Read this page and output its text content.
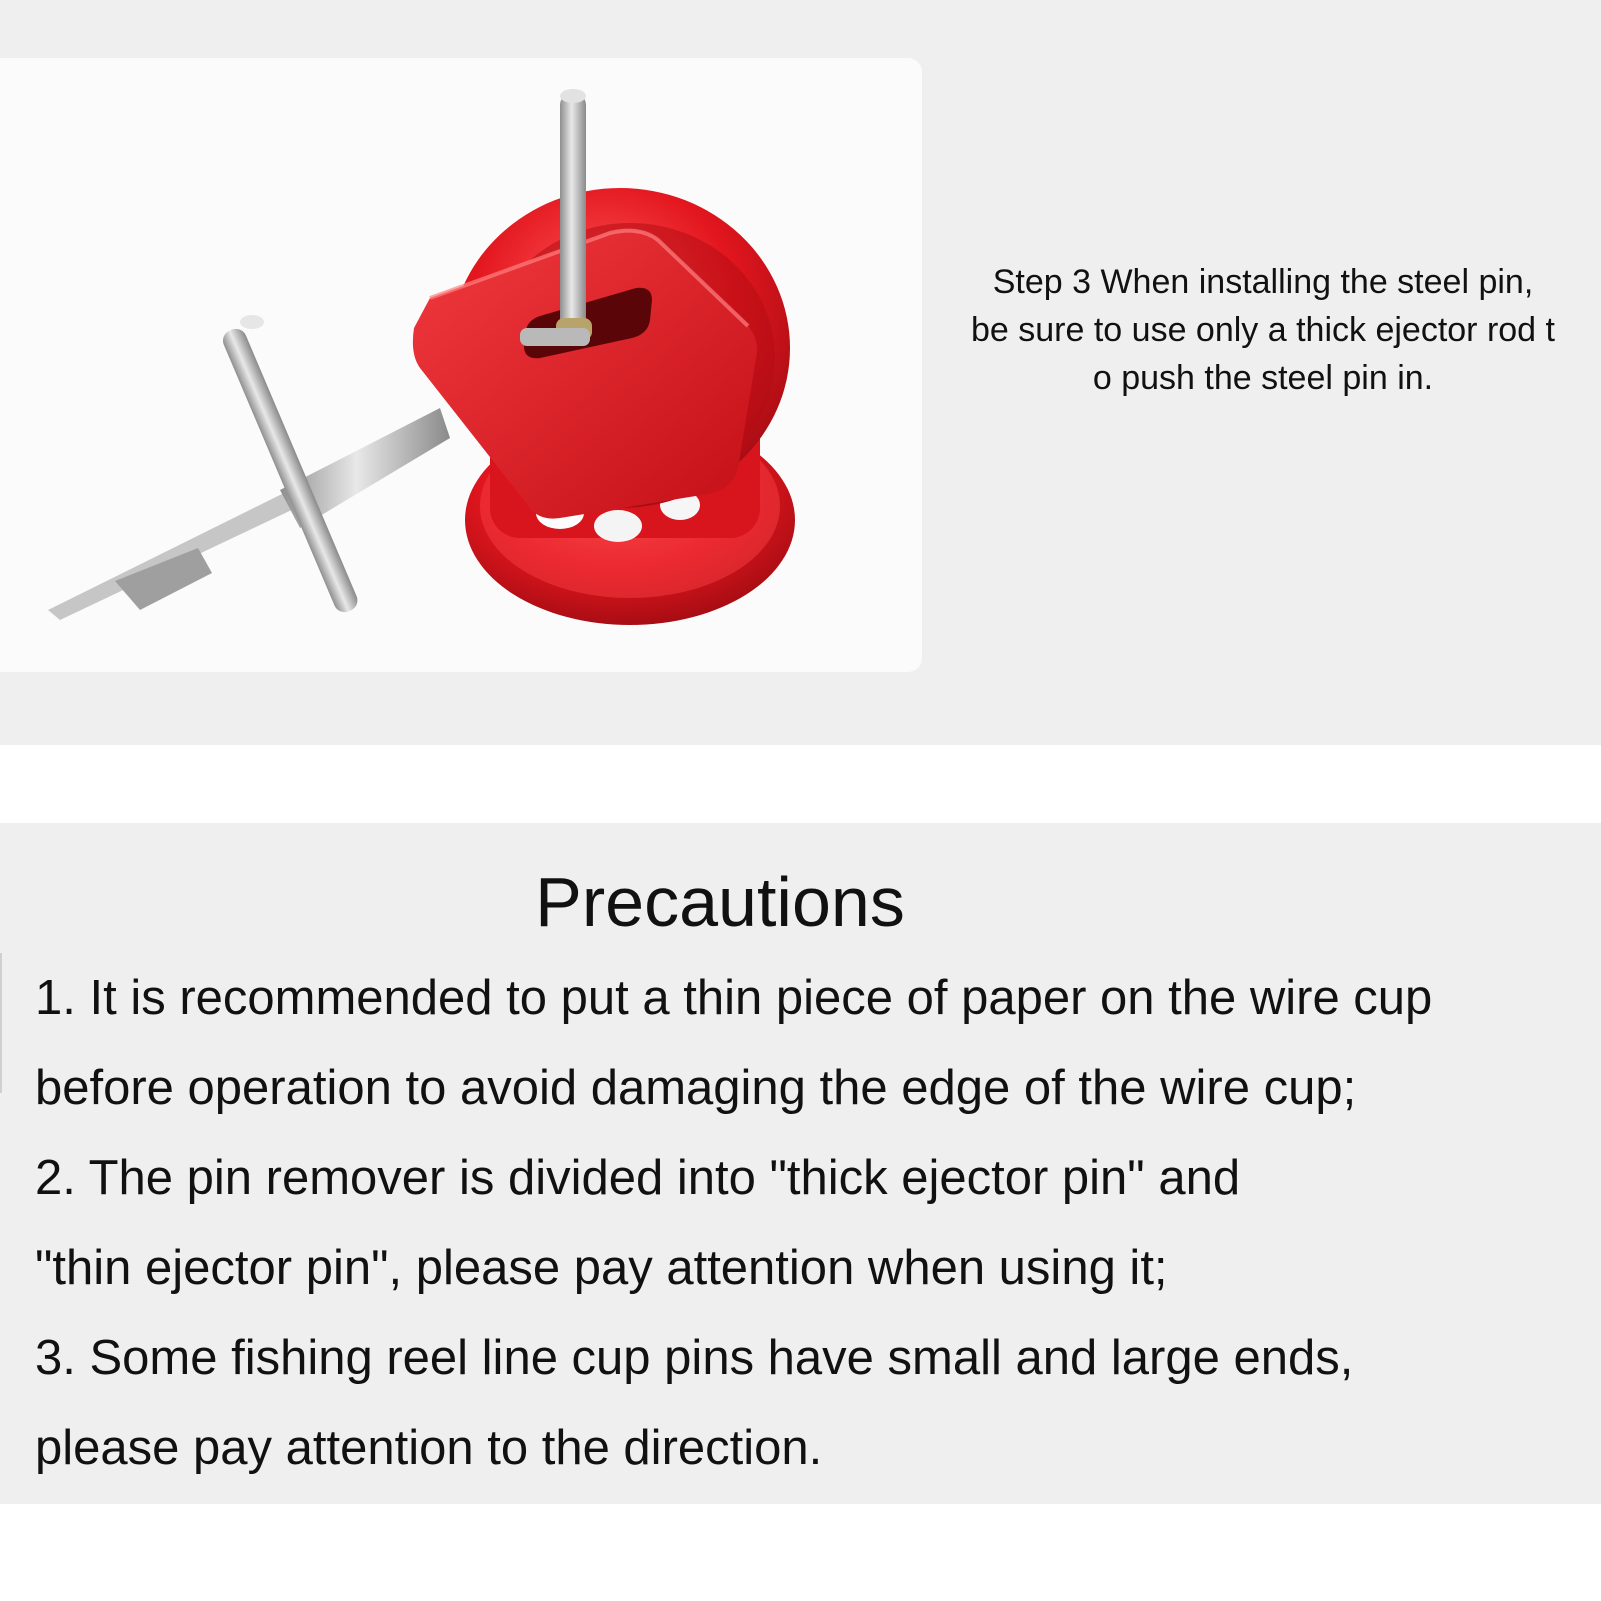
Step 3 When installing the steel pin,
be sure to use only a thick ejector rod t
o push the steel pin in.

Precautions
1. It is recommended to put a thin piece of paper on the wire cup
before operation to avoid damaging the edge of the wire cup;
2. The pin remover is divided into "thick ejector pin" and
"thin ejector pin", please pay attention when using it;
3. Some fishing reel line cup pins have small and large ends,
please pay attention to the direction.
